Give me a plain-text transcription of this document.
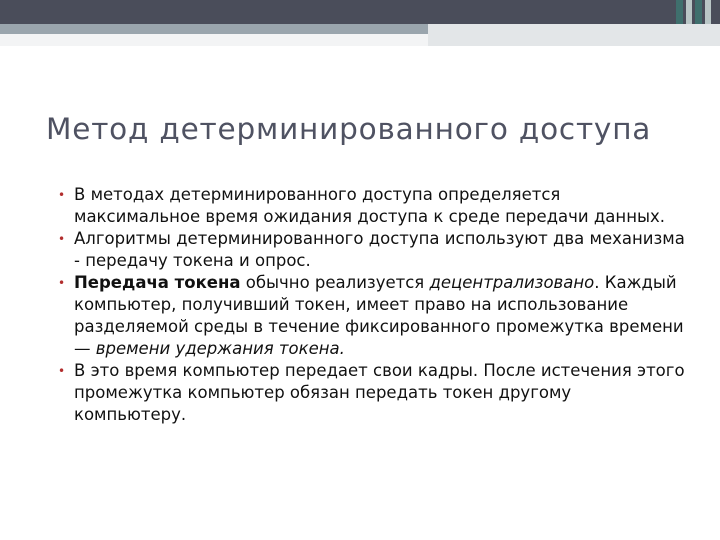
Метод детерминированного доступа
• В методах детерминированного доступа определяется максимальное время ожидания доступа к среде передачи данных.
• Алгоритмы детерминированного доступа используют два механизма - передачу токена и опрос.
• Передача токена обычно реализуется децентрализовано. Каждый компьютер, получивший токен, имеет право на использование разделяемой среды в течение фиксированного промежутка времени — времени удержания токена.
• В это время компьютер передает свои кадры. После истечения этого промежутка компьютер обязан передать токен другому компьютеру.
